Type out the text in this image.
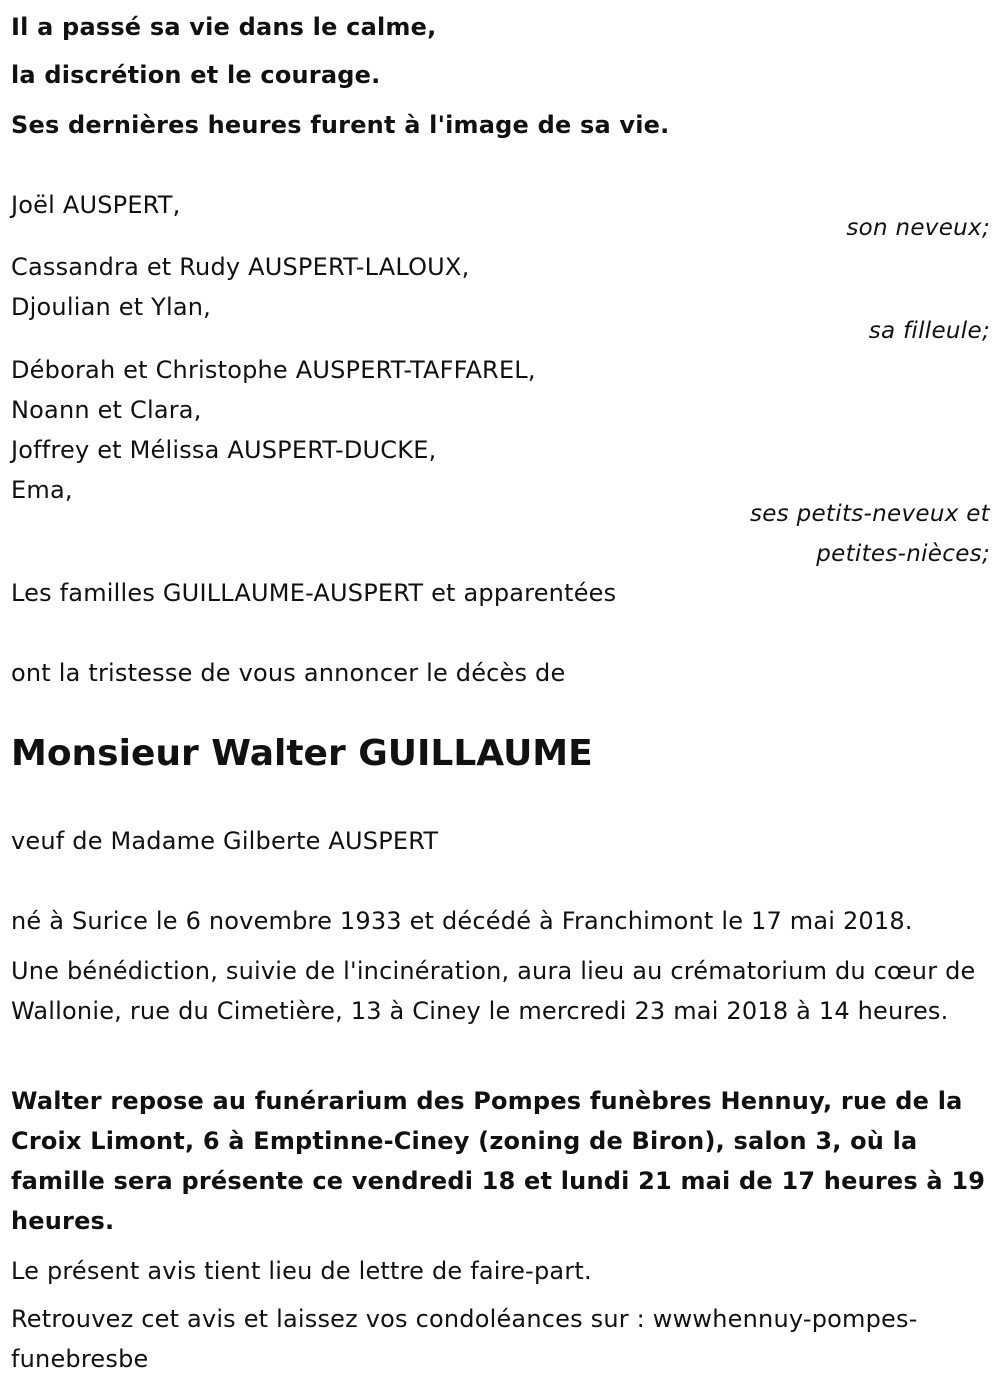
Il a passé sa vie dans le calme,
la discrétion et le courage.
Ses dernières heures furent à l'image de sa vie.
Joël AUSPERT,
son neveux;
Cassandra et Rudy AUSPERT-LALOUX,
Djoulian et Ylan,
sa filleule;
Déborah et Christophe AUSPERT-TAFFAREL,
Noann et Clara,
Joffrey et Mélissa AUSPERT-DUCKE,
Ema,
ses petits-neveux et
petites-nièces;
Les familles GUILLAUME-AUSPERT et apparentées
ont la tristesse de vous annoncer le décès de
Monsieur Walter GUILLAUME
veuf de Madame Gilberte AUSPERT
né à Surice le 6 novembre 1933 et décédé à Franchimont le 17 mai 2018.
Une bénédiction, suivie de l'incinération, aura lieu au crématorium du cœur de Wallonie, rue du Cimetière, 13 à Ciney le mercredi 23 mai 2018 à 14 heures.
Walter repose au funérarium des Pompes funèbres Hennuy, rue de la Croix Limont, 6 à Emptinne-Ciney (zoning de Biron), salon 3, où la famille sera présente ce vendredi 18 et lundi 21 mai de 17 heures à 19 heures.
Le présent avis tient lieu de lettre de faire-part.
Retrouvez cet avis et laissez vos condoléances sur : wwwhennuy-pompes-
funebresbe
